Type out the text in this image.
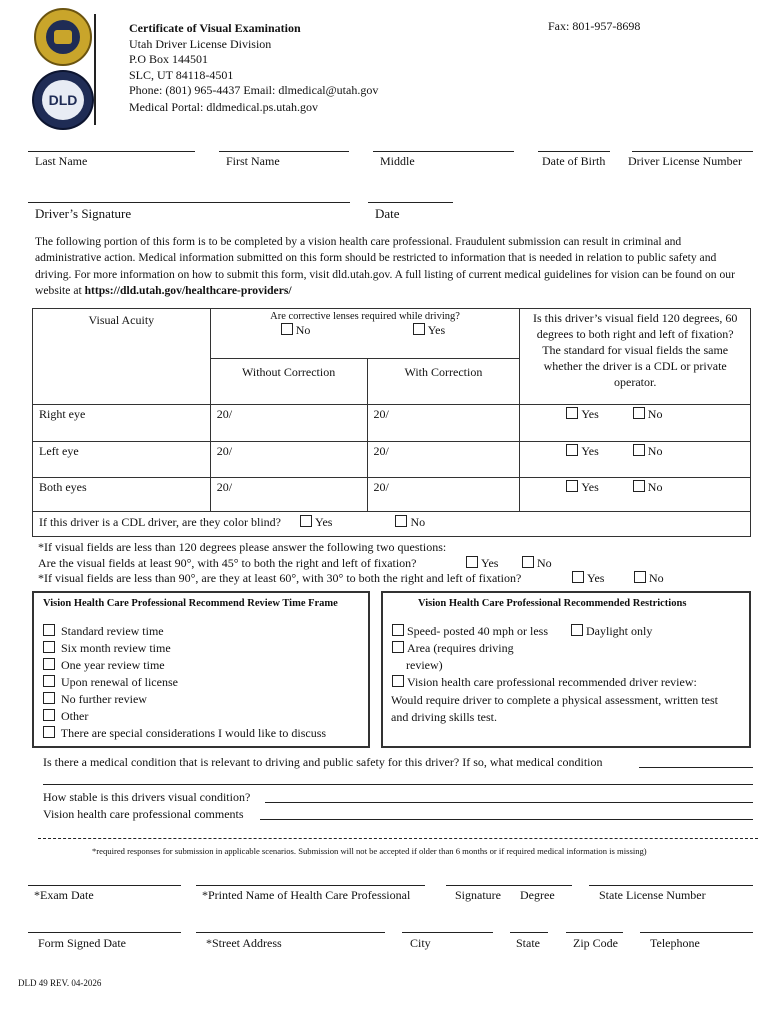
DLD
Certificate of Visual Examination
Utah Driver License Division
P.O Box 144501
SLC, UT 84118-4501
Phone: (801) 965-4437 Email: dlmedical@utah.gov
Medical Portal: dldmedical.ps.utah.gov
Fax: 801-957-8698
Last Name	First Name	Middle	Date of Birth Driver License Number
Driver’s Signature	Date
The following portion of this form is to be completed by a vision health care professional. Fraudulent submission can result in criminal and administrative action. Medical information submitted on this form should be restricted to information that is needed in relation to public safety and driving. For more information on how to submit this form, visit dld.utah.gov. A full listing of current medical guidelines for vision can be found on our website at https://dld.utah.gov/healthcare-providers/
Visual Acuity	Are corrective lenses required while driving?
No Yes		Is this driver’s visual field 120 degrees, 60 degrees to both right and left of fixation? The standard for visual fields the same whether the driver is a CDL or private operator.
	Without Correction	With Correction	
Right eye	20/	20/	Yes No
Left eye	20/	20/	Yes No
Both eyes	20/	20/	Yes No
If this driver is a CDL driver, are they color blind? Yes No			
*If visual fields are less than 120 degrees please answer the following two questions:
Are the visual fields at least 90°, with 45° to both the right and left of fixation?	Yes	No
*If visual fields are less than 90°, are they at least 60°, with 30° to both the right and left of fixation?	Yes	No
Vision Health Care Professional Recommend Review Time Frame
Standard review time
Six month review time
One year review time
Upon renewal of license
No further review
Other
There are special considerations I would like to discuss
Vision Health Care Professional Recommended Restrictions
Speed- posted 40 mph or less	Daylight only
Area (requires driving
review)
Vision health care professional recommended driver review:
Would require driver to complete a physical assessment, written test and driving skills test.
Is there a medical condition that is relevant to driving and public safety for this driver? If so, what medical condition
How stable is this drivers visual condition?
Vision health care professional comments
*required responses for submission in applicable scenarios. Submission will not be accepted if older than 6 months or if required medical information is missing)
*Exam Date	*Printed Name of Health Care Professional	Signature Degree	State License Number
Form Signed Date	*Street Address	City	State	Zip Code	Telephone
DLD 49 REV. 04-2026
